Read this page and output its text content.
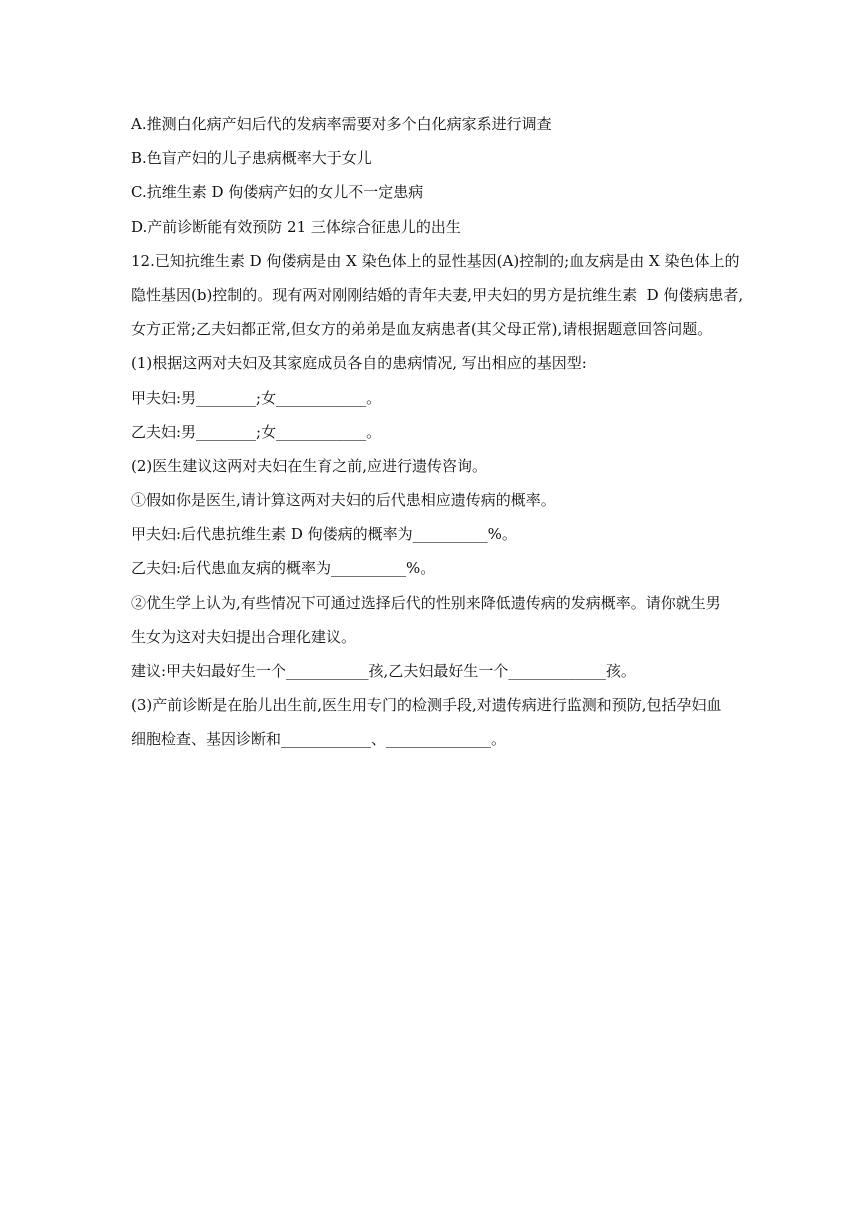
A.推测白化病产妇后代的发病率需要对多个白化病家系进行调查
B.色盲产妇的儿子患病概率大于女儿
C.抗维生素 D 佝偻病产妇的女儿不一定患病
D.产前诊断能有效预防 21 三体综合征患儿的出生
12.已知抗维生素 D 佝偻病是由 X 染色体上的显性基因(A)控制的;血友病是由 X 染色体上的
隐性基因(b)控制的。现有两对刚刚结婚的青年夫妻,甲夫妇的男方是抗维生素  D 佝偻病患者,
女方正常;乙夫妇都正常,但女方的弟弟是血友病患者(其父母正常),请根据题意回答问题。
(1)根据这两对夫妇及其家庭成员各自的患病情况, 写出相应的基因型:
甲夫妇:男________;女____________。
乙夫妇:男________;女____________。
(2)医生建议这两对夫妇在生育之前,应进行遗传咨询。
①假如你是医生,请计算这两对夫妇的后代患相应遗传病的概率。
甲夫妇:后代患抗维生素 D 佝偻病的概率为__________%。
乙夫妇:后代患血友病的概率为__________%。
②优生学上认为,有些情况下可通过选择后代的性别来降低遗传病的发病概率。请你就生男
生女为这对夫妇提出合理化建议。
建议:甲夫妇最好生一个___________孩,乙夫妇最好生一个_____________孩。
(3)产前诊断是在胎儿出生前,医生用专门的检测手段,对遗传病进行监测和预防,包括孕妇血
细胞检查、基因诊断和____________、______________。
